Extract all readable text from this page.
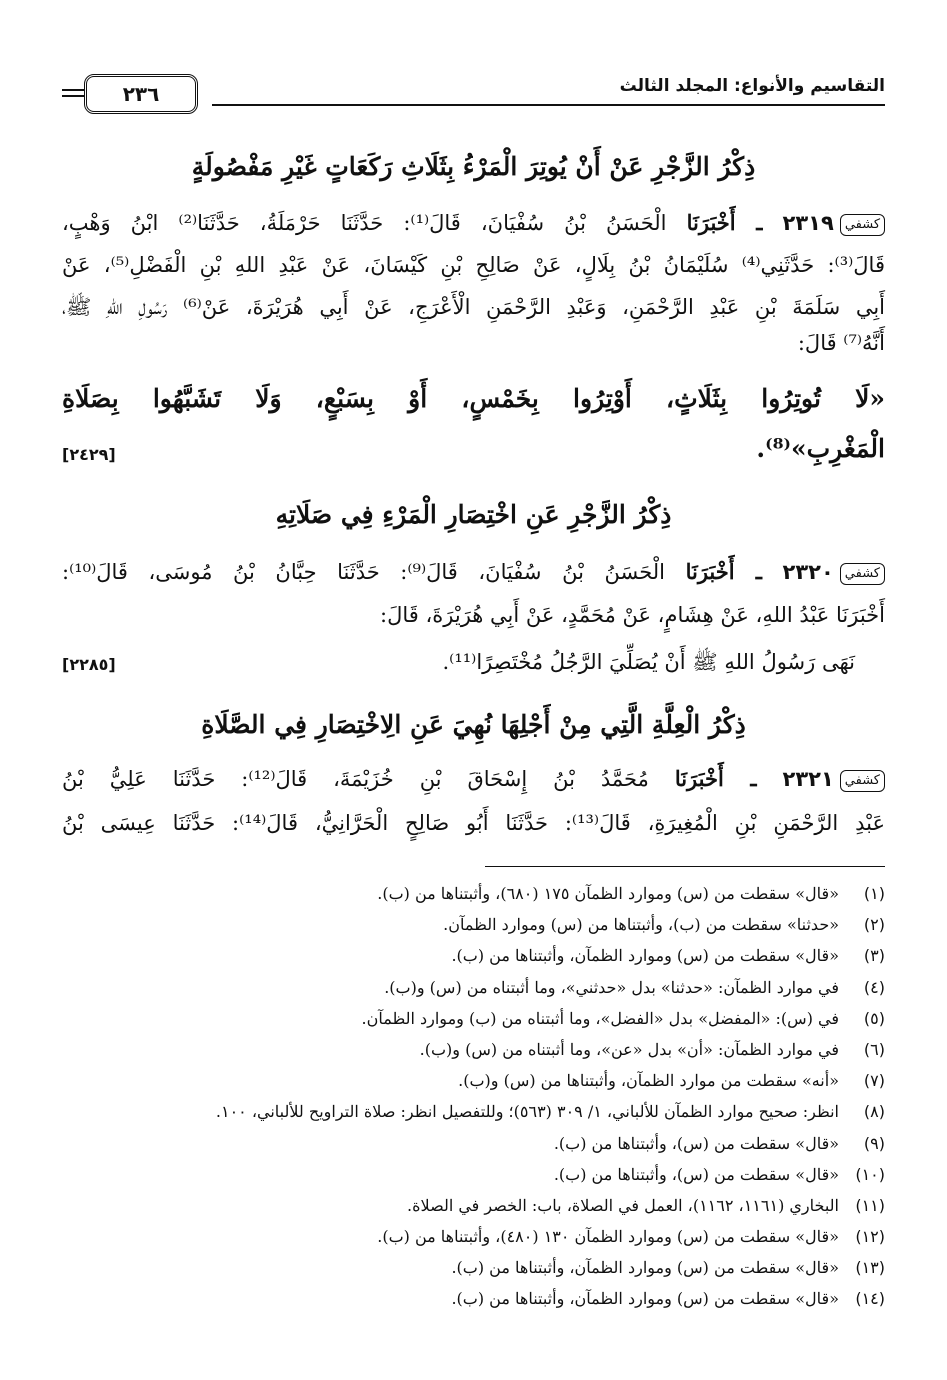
التقاسيم والأنواع: المجلد الثالث
٢٣٦
ذِكْرُ الزَّجْرِ عَنْ أَنْ يُوتِرَ الْمَرْءُ بِثَلَاثِ رَكَعَاتٍ غَيْرِ مَفْصُولَةٍ
كشفي٢٣١٩ ـ أَخْبَرَنَا الْحَسَنُ بْنُ سُفْيَانَ، قَالَ⁽¹⁾: حَدَّثَنَا حَرْمَلَةُ، حَدَّثَنَا⁽²⁾ ابْنُ وَهْبٍ،
قَالَ⁽³⁾: حَدَّثَنِي⁽⁴⁾ سُلَيْمَانُ بْنُ بِلَالٍ، عَنْ صَالِحِ بْنِ كَيْسَانَ، عَنْ عَبْدِ اللهِ بْنِ الْفَضْلِ⁽⁵⁾، عَنْ
أَبِي سَلَمَةَ بْنِ عَبْدِ الرَّحْمَنِ، وَعَبْدِ الرَّحْمَنِ الْأَعْرَجِ، عَنْ أَبِي هُرَيْرَةَ، عَنْ⁽⁶⁾ رَسُولِ اللهِ ﷺ،
أَنَّهُ⁽⁷⁾ قَالَ:
«لَا تُوتِرُوا بِثَلَاثٍ، أَوْتِرُوا بِخَمْسٍ، أَوْ بِسَبْعٍ، وَلَا تَشَبَّهُوا بِصَلَاةِ
الْمَغْرِبِ»⁽⁸⁾.
[٢٤٢٩]
ذِكْرُ الزَّجْرِ عَنِ اخْتِصَارِ الْمَرْءِ فِي صَلَاتِهِ
كشفي٢٣٢٠ ـ أَخْبَرَنَا الْحَسَنُ بْنُ سُفْيَانَ، قَالَ⁽⁹⁾: حَدَّثَنَا حِبَّانُ بْنُ مُوسَى، قَالَ⁽¹⁰⁾:
أَخْبَرَنَا عَبْدُ اللهِ، عَنْ هِشَامٍ، عَنْ مُحَمَّدٍ، عَنْ أَبِي هُرَيْرَةَ، قَالَ:
نَهَى رَسُولُ اللهِ ﷺ أَنْ يُصَلِّيَ الرَّجُلُ مُخْتَصِرًا⁽¹¹⁾.
[٢٢٨٥]
ذِكْرُ الْعِلَّةِ الَّتِي مِنْ أَجْلِهَا نُهِيَ عَنِ الِاخْتِصَارِ فِي الصَّلَاةِ
كشفي٢٣٢١ ـ أَخْبَرَنَا مُحَمَّدُ بْنُ إِسْحَاقَ بْنِ خُزَيْمَةَ، قَالَ⁽¹²⁾: حَدَّثَنَا عَلِيُّ بْنُ
عَبْدِ الرَّحْمَنِ بْنِ الْمُغِيرَةِ، قَالَ⁽¹³⁾: حَدَّثَنَا أَبُو صَالِحٍ الْحَرَّانِيُّ، قَالَ⁽¹⁴⁾: حَدَّثَنَا عِيسَى بْنُ
(١)«قال» سقطت من (س) وموارد الظمآن ١٧٥ (٦٨٠)، وأثبتناها من (ب).
(٢)«حدثنا» سقطت من (ب)، وأثبتناها من (س) وموارد الظمآن.
(٣)«قال» سقطت من (س) وموارد الظمآن، وأثبتناها من (ب).
(٤)في موارد الظمآن: «حدثنا» بدل «حدثني»، وما أثبتناه من (س) و(ب).
(٥)في (س): «المفضل» بدل «الفضل»، وما أثبتناه من (ب) وموارد الظمآن.
(٦)في موارد الظمآن: «أن» بدل «عن»، وما أثبتناه من (س) و(ب).
(٧)«أنه» سقطت من موارد الظمآن، وأثبتناها من (س) و(ب).
(٨)انظر: صحيح موارد الظمآن للألباني، ١/ ٣٠٩ (٥٦٣)؛ وللتفصيل انظر: صلاة التراويح للألباني، ١٠٠.
(٩)«قال» سقطت من (س)، وأثبتناها من (ب).
(١٠)«قال» سقطت من (س)، وأثبتناها من (ب).
(١١)البخاري (١١٦١، ١١٦٢)، العمل في الصلاة، باب: الخصر في الصلاة.
(١٢)«قال» سقطت من (س) وموارد الظمآن ١٣٠ (٤٨٠)، وأثبتناها من (ب).
(١٣)«قال» سقطت من (س) وموارد الظمآن، وأثبتناها من (ب).
(١٤)«قال» سقطت من (س) وموارد الظمآن، وأثبتناها من (ب).
